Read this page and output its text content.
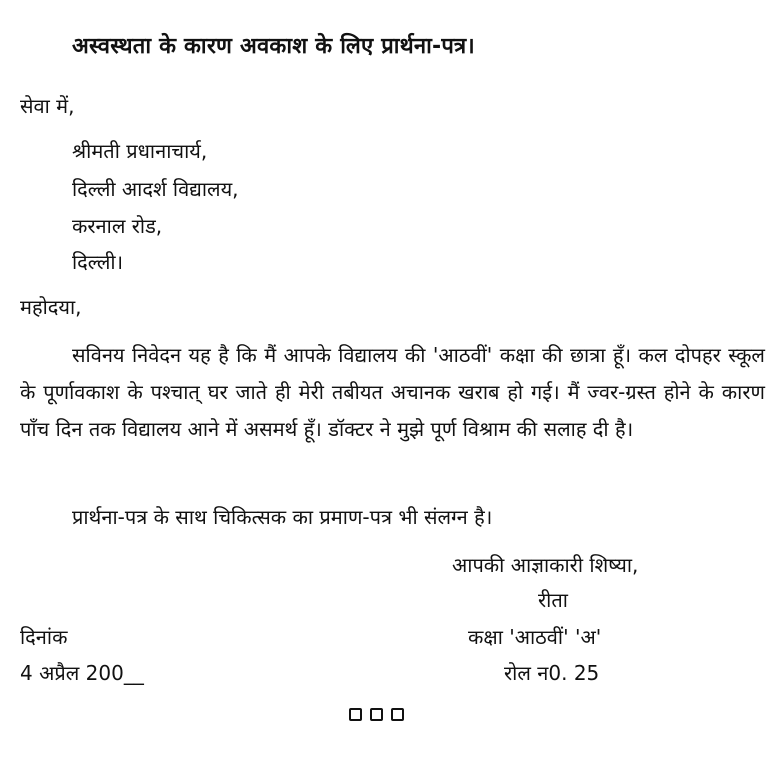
अस्वस्थता के कारण अवकाश के लिए प्रार्थना-पत्र।
सेवा में,
श्रीमती प्रधानाचार्य,
दिल्ली आदर्श विद्यालय,
करनाल रोड,
दिल्ली।
महोदया,
सविनय निवेदन यह है कि मैं आपके विद्यालय की 'आठवीं' कक्षा की छात्रा हूँ। कल दोपहर स्कूल के पूर्णावकाश के पश्चात् घर जाते ही मेरी तबीयत अचानक खराब हो गई। मैं ज्वर-ग्रस्त होने के कारण पाँच दिन तक विद्यालय आने में असमर्थ हूँ। डॉक्टर ने मुझे पूर्ण विश्राम की सलाह दी है।
प्रार्थना-पत्र के साथ चिकित्सक का प्रमाण-पत्र भी संलग्न है।
आपकी आज्ञाकारी शिष्या,
रीता
कक्षा 'आठवीं' 'अ'
रोल न0. 25
दिनांक
4 अप्रैल 200__
